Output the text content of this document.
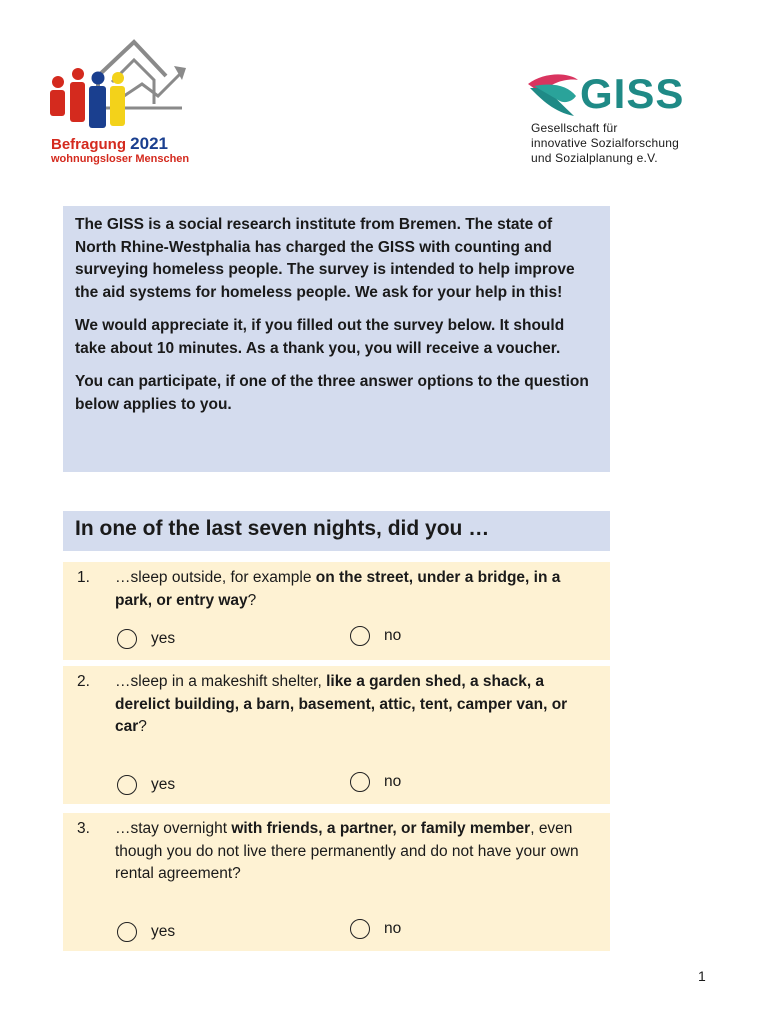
Befragung 2021
wohnungsloser Menschen
GISS
Gesellschaft für
innovative Sozialforschung
und Sozialplanung e.V.

The GISS is a social research institute from Bremen. The state of North Rhine-Westphalia has charged the GISS with counting and surveying homeless people. The survey is intended to help improve the aid systems for homeless people. We ask for your help in this!

We would appreciate it, if you filled out the survey below. It should take about 10 minutes. As a thank you, you will receive a voucher.

You can participate, if one of the three answer options to the question below applies to you.

In one of the last seven nights, did you …
1. …sleep outside, for example on the street, under a bridge, in a park, or entry way?
yes	no
2. …sleep in a makeshift shelter, like a garden shed, a shack, a derelict building, a barn, basement, attic, tent, camper van, or car?
yes	no
3. …stay overnight with friends, a partner, or family member, even though you do not live there permanently and do not have your own rental agreement?
yes	no
1
